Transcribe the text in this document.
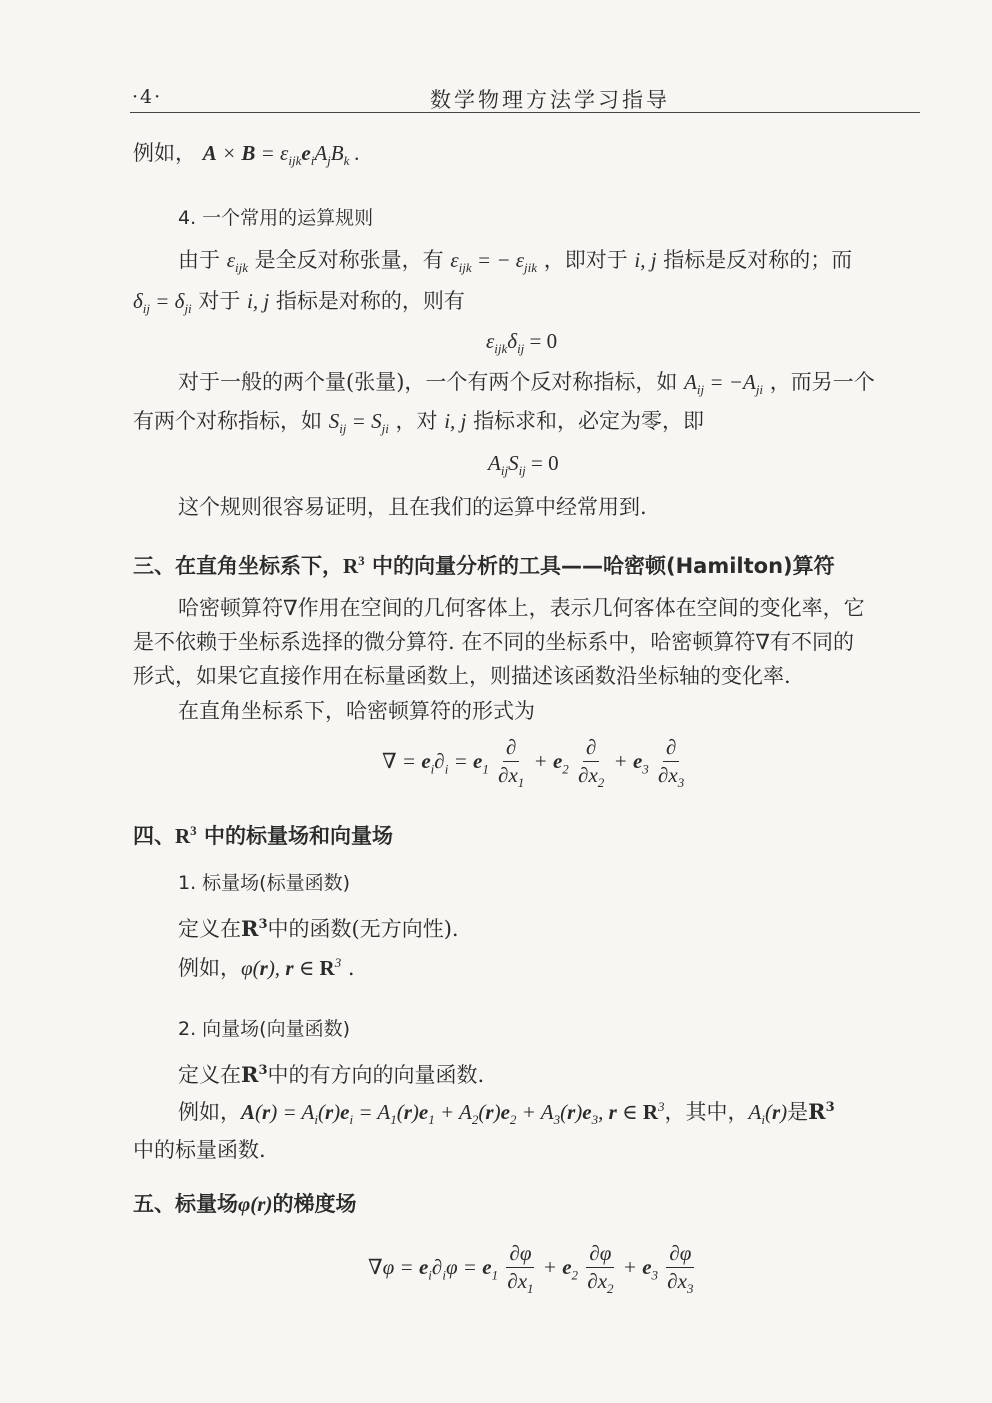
·4·	数学物理方法学习指导
例如， $A \times B = \varepsilon_{ijk}e_iA_jB_k$ .
4. 一个常用的运算规则
由于 $\varepsilon_{ijk}$ 是全反对称张量，有 $\varepsilon_{ijk}$ = − $\varepsilon_{jik}$ ，即对于 i, j 指标是反对称的；而
$\delta_{ij} = \delta_{ji}$ 对于 i, j 指标是对称的，则有
$\varepsilon_{ijk}\delta_{ij} = 0$
对于一般的两个量(张量)，一个有两个反对称指标，如 $A_{ij} = -A_{ji}$ ，而另一个
有两个对称指标，如 $S_{ij} = S_{ji}$ ，对 i, j 指标求和，必定为零，即
$A_{ij}S_{ij} = 0$
这个规则很容易证明，且在我们的运算中经常用到.
三、在直角坐标系下，$R^3$ 中的向量分析的工具——哈密顿(Hamilton)算符
哈密顿算符∇作用在空间的几何客体上，表示几何客体在空间的变化率，它
是不依赖于坐标系选择的微分算符. 在不同的坐标系中，哈密顿算符∇有不同的
形式，如果它直接作用在标量函数上，则描述该函数沿坐标轴的变化率.
在直角坐标系下，哈密顿算符的形式为
∇ = $e_i\partial_i = e_1 \frac{\partial}{\partial x_1} + e_2 \frac{\partial}{\partial x_2} + e_3 \frac{\partial}{\partial x_3}$
四、$R^3$ 中的标量场和向量场
1. 标量场(标量函数)
定义在$R^3$中的函数(无方向性).
例如，φ(r), r ∈ $R^3$ .
2. 向量场(向量函数)
定义在$R^3$中的有方向的向量函数.
例如，$A(r) = A_i(r)e_i = A_1(r)e_1 + A_2(r)e_2 + A_3(r)e_3$, r ∈ $R^3$，其中，$A_i(r)$是$R^3$
中的标量函数.
五、标量场φ(r)的梯度场
$\nabla\varphi = e_i\partial_i\varphi = e_1 \frac{\partial\varphi}{\partial x_1} + e_2 \frac{\partial\varphi}{\partial x_2} + e_3 \frac{\partial\varphi}{\partial x_3}$
